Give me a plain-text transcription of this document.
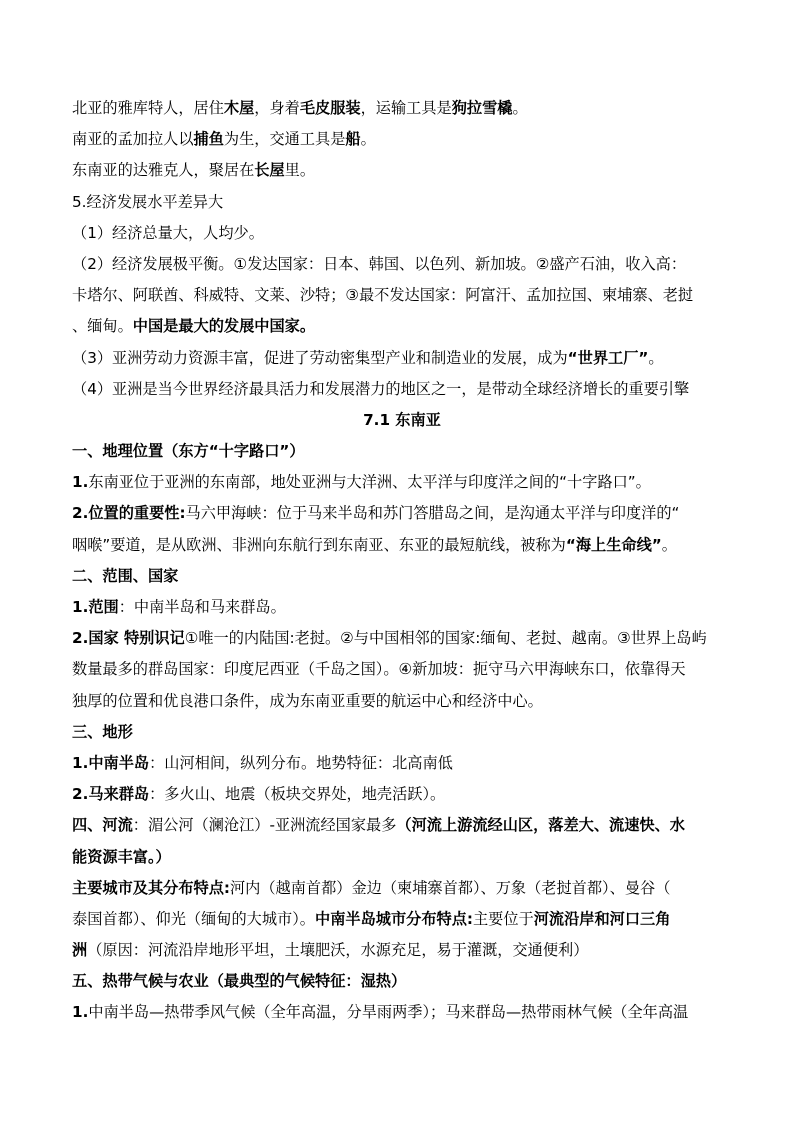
北亚的雅库特人，居住木屋，身着毛皮服装，运输工具是狗拉雪橇。
南亚的孟加拉人以捕鱼为生，交通工具是船。
东南亚的达雅克人，聚居在长屋里。
5.经济发展水平差异大
（1）经济总量大，人均少。
（2）经济发展极平衡。①发达国家：日本、韩国、以色列、新加坡。②盛产石油，收入高：
卡塔尔、阿联酋、科威特、文莱、沙特；③最不发达国家：阿富汗、孟加拉国、柬埔寨、老挝
、缅甸。中国是最大的发展中国家。
（3）亚洲劳动力资源丰富，促进了劳动密集型产业和制造业的发展，成为“世界工厂”。
（4）亚洲是当今世界经济最具活力和发展潜力的地区之一，是带动全球经济增长的重要引擎
7.1 东南亚
一、地理位置（东方“十字路口”）
1.东南亚位于亚洲的东南部，地处亚洲与大洋洲、太平洋与印度洋之间的“十字路口”。
2.位置的重要性:马六甲海峡：位于马来半岛和苏门答腊岛之间，是沟通太平洋与印度洋的“
咽喉”要道，是从欧洲、非洲向东航行到东南亚、东亚的最短航线，被称为“海上生命线”。
二、范围、国家
1.范围：中南半岛和马来群岛。
2.国家 特别识记①唯一的内陆国:老挝。②与中国相邻的国家:缅甸、老挝、越南。③世界上岛屿
数量最多的群岛国家：印度尼西亚（千岛之国）。④新加坡：扼守马六甲海峡东口，依靠得天
独厚的位置和优良港口条件，成为东南亚重要的航运中心和经济中心。
三、地形
1.中南半岛：山河相间，纵列分布。地势特征：北高南低
2.马来群岛：多火山、地震（板块交界处，地壳活跃）。
四、河流：湄公河（澜沧江）-亚洲流经国家最多（河流上游流经山区，落差大、流速快、水
能资源丰富。）
主要城市及其分布特点:河内（越南首都）金边（柬埔寨首都）、万象（老挝首都）、曼谷（
泰国首都）、仰光（缅甸的大城市）。中南半岛城市分布特点:主要位于河流沿岸和河口三角
洲（原因：河流沿岸地形平坦，土壤肥沃，水源充足，易于灌溉，交通便利）
五、热带气候与农业（最典型的气候特征：湿热）
1.中南半岛—热带季风气候（全年高温，分旱雨两季）；马来群岛—热带雨林气候（全年高温
